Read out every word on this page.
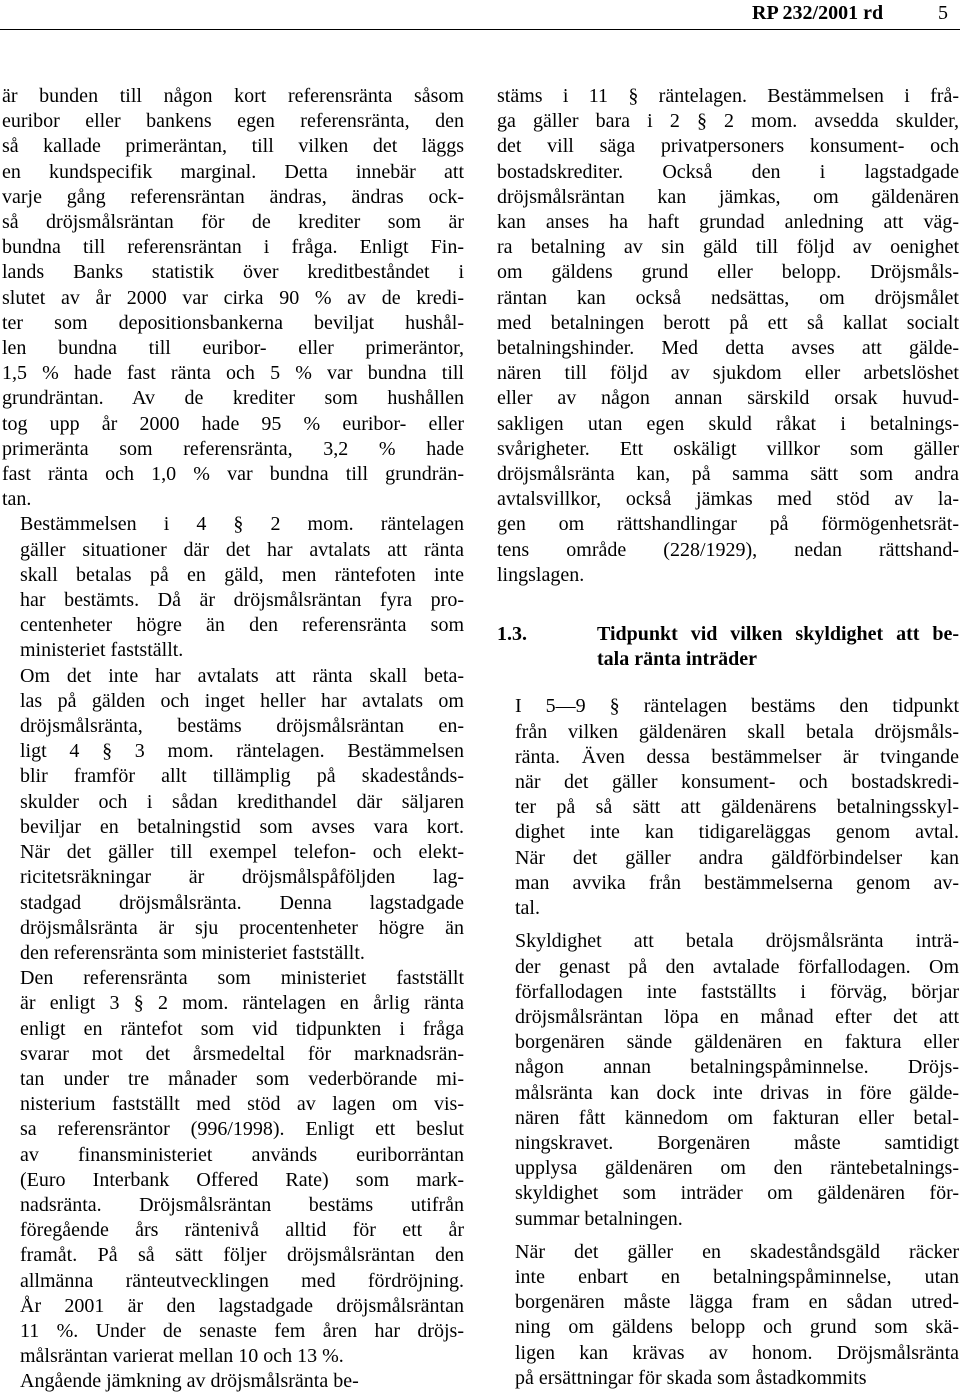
RP 232/2001 rd	5

är bunden till någon kort referensränta såsom
euribor eller bankens egen referensränta, den
så kallade primeräntan, till vilken det läggs
en kundspecifik marginal. Detta innebär att
varje gång referensräntan ändras, ändras ock-
så dröjsmålsräntan för de krediter som är
bundna till referensräntan i fråga. Enligt Fin-
lands Banks statistik över kreditbeståndet i
slutet av år 2000 var cirka 90 % av de kredi-
ter som depositionsbankerna beviljat hushål-
len bundna till euribor- eller primeräntor,
1,5 % hade fast ränta och 5 % var bundna till
grundräntan. Av de krediter som hushållen
tog upp år 2000 hade 95 % euribor- eller
primeränta som referensränta, 3,2 % hade
fast ränta och 1,0 % var bundna till grundrän-
tan.

Bestämmelsen i 4 § 2 mom. räntelagen
gäller situationer där det har avtalats att ränta
skall betalas på en gäld, men räntefoten inte
har bestämts. Då är dröjsmålsräntan fyra pro-
centenheter högre än den referensränta som
ministeriet fastställt.

Om det inte har avtalats att ränta skall beta-
las på gälden och inget heller har avtalats om
dröjsmålsränta, bestäms dröjsmålsräntan en-
ligt 4 § 3 mom. räntelagen. Bestämmelsen
blir framför allt tillämplig på skadestånds-
skulder och i sådan kredithandel där säljaren
beviljar en betalningstid som avses vara kort.
När det gäller till exempel telefon- och elekt-
ricitetsräkningar är dröjsmålspåföljden lag-
stadgad dröjsmålsränta. Denna lagstadgade
dröjsmålsränta är sju procentenheter högre än
den referensränta som ministeriet fastställt.

Den referensränta som ministeriet fastställt
är enligt 3 § 2 mom. räntelagen en årlig ränta
enligt en räntefot som vid tidpunkten i fråga
svarar mot det årsmedeltal för marknadsrän-
tan under tre månader som vederbörande mi-
nisterium fastställt med stöd av lagen om vis-
sa referensräntor (996/1998). Enligt ett beslut
av finansministeriet används euriborräntan
(Euro Interbank Offered Rate) som mark-
nadsränta. Dröjsmålsräntan bestäms utifrån
föregående års räntenivå alltid för ett år
framåt. På så sätt följer dröjsmålsräntan den
allmänna ränteutvecklingen med fördröjning.
År 2001 är den lagstadgade dröjsmålsräntan
11 %. Under de senaste fem åren har dröjs-
målsräntan varierat mellan 10 och 13 %.

Angående jämkning av dröjsmålsränta be-

stäms i 11 § räntelagen. Bestämmelsen i frå-
ga gäller bara i 2 § 2 mom. avsedda skulder,
det vill säga privatpersoners konsument- och
bostadskrediter. Också den i lagstadgade
dröjsmålsräntan kan jämkas, om gäldenären
kan anses ha haft grundad anledning att väg-
ra betalning av sin gäld till följd av oenighet
om gäldens grund eller belopp. Dröjsmåls-
räntan kan också nedsättas, om dröjsmålet
med betalningen berott på ett så kallat socialt
betalningshinder. Med detta avses att gälde-
nären till följd av sjukdom eller arbetslöshet
eller av någon annan särskild orsak huvud-
sakligen utan egen skuld råkat i betalnings-
svårigheter. Ett oskäligt villkor som gäller
dröjsmålsränta kan, på samma sätt som andra
avtalsvillkor, också jämkas med stöd av la-
gen om rättshandlingar på förmögenhetsrät-
tens område (228/1929), nedan rättshand-
lingslagen.

1.3.	Tidpunkt vid vilken skyldighet att be-
tala ränta inträder

I 5—9 § räntelagen bestäms den tidpunkt
från vilken gäldenären skall betala dröjsmåls-
ränta. Även dessa bestämmelser är tvingande
när det gäller konsument- och bostadskredi-
ter på så sätt att gäldenärens betalningsskyl-
dighet inte kan tidigareläggas genom avtal.
När det gäller andra gäldförbindelser kan
man avvika från bestämmelserna genom av-
tal.

Skyldighet att betala dröjsmålsränta inträ-
der genast på den avtalade förfallodagen. Om
förfallodagen inte fastställts i förväg, börjar
dröjsmålsräntan löpa en månad efter det att
borgenären sände gäldenären en faktura eller
någon annan betalningspåminnelse. Dröjs-
målsränta kan dock inte drivas in före gälde-
nären fått kännedom om fakturan eller betal-
ningskravet. Borgenären måste samtidigt
upplysa gäldenären om den räntebetalnings-
skyldighet som inträder om gäldenären för-
summar betalningen.

När det gäller en skadeståndsgäld räcker
inte enbart en betalningspåminnelse, utan
borgenären måste lägga fram en sådan utred-
ning om gäldens belopp och grund som skä-
ligen kan krävas av honom. Dröjsmålsränta
på ersättningar för skada som åstadkommits
